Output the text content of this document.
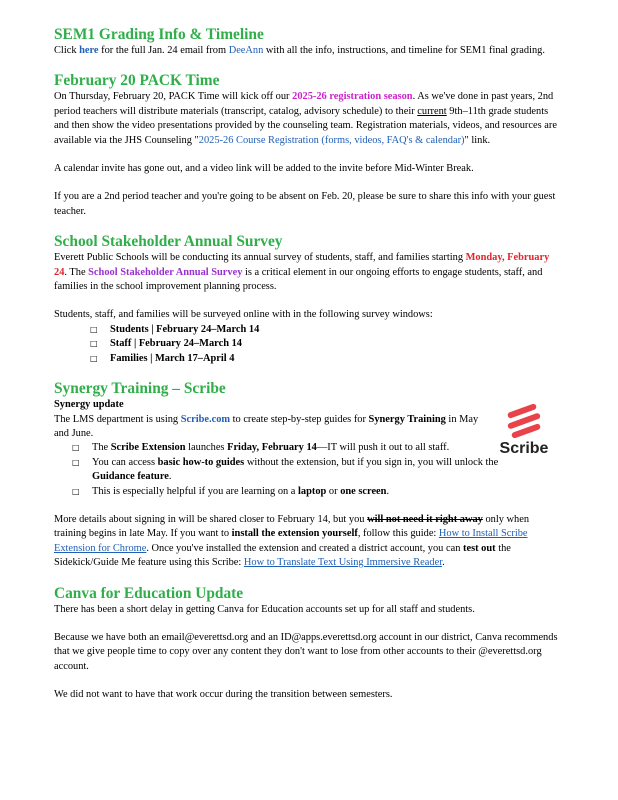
SEM1 Grading Info & Timeline

Click here for the full Jan. 24 email from DeeAnn with all the info, instructions, and timeline for SEM1 final grading.

February 20 PACK Time

On Thursday, February 20, PACK Time will kick off our 2025-26 registration season. As we've done in past years, 2nd period teachers will distribute materials (transcript, catalog, advisory schedule) to their current 9th–11th grade students and then show the video presentations provided by the counseling team. Registration materials, videos, and resources are available via the JHS Counseling "2025-26 Course Registration (forms, videos, FAQ's & calendar)" link.

A calendar invite has gone out, and a video link will be added to the invite before Mid-Winter Break.

If you are a 2nd period teacher and you're going to be absent on Feb. 20, please be sure to share this info with your guest teacher.

School Stakeholder Annual Survey

Everett Public Schools will be conducting its annual survey of students, staff, and families starting Monday, February 24. The School Stakeholder Annual Survey is a critical element in our ongoing efforts to engage students, staff, and families in the school improvement planning process.

Students, staff, and families will be surveyed online with in the following survey windows:

□ Students | February 24–March 14
□ Staff | February 24–March 14
□ Families | March 17–April 4
Synergy Training – Scribe
Scribe

Synergy update

The LMS department is using Scribe.com to create step-by-step guides for Synergy Training in May and June.

□ The Scribe Extension launches Friday, February 14—IT will push it out to all staff.
□ You can access basic how-to guides without the extension, but if you sign in, you will unlock the Guidance feature.
□ This is especially helpful if you are learning on a laptop or one screen.

More details about signing in will be shared closer to February 14, but you will not need it right away only when training begins in late May. If you want to install the extension yourself, follow this guide: How to Install Scribe Extension for Chrome. Once you've installed the extension and created a district account, you can test out the Sidekick/Guide Me feature using this Scribe: How to Translate Text Using Immersive Reader.

Canva for Education Update

There has been a short delay in getting Canva for Education accounts set up for all staff and students.

Because we have both an email@everettsd.org and an ID@apps.everettsd.org account in our district, Canva recommends that we give people time to copy over any content they don't want to lose from other accounts to their @everettsd.org account.

We did not want to have that work occur during the transition between semesters.
